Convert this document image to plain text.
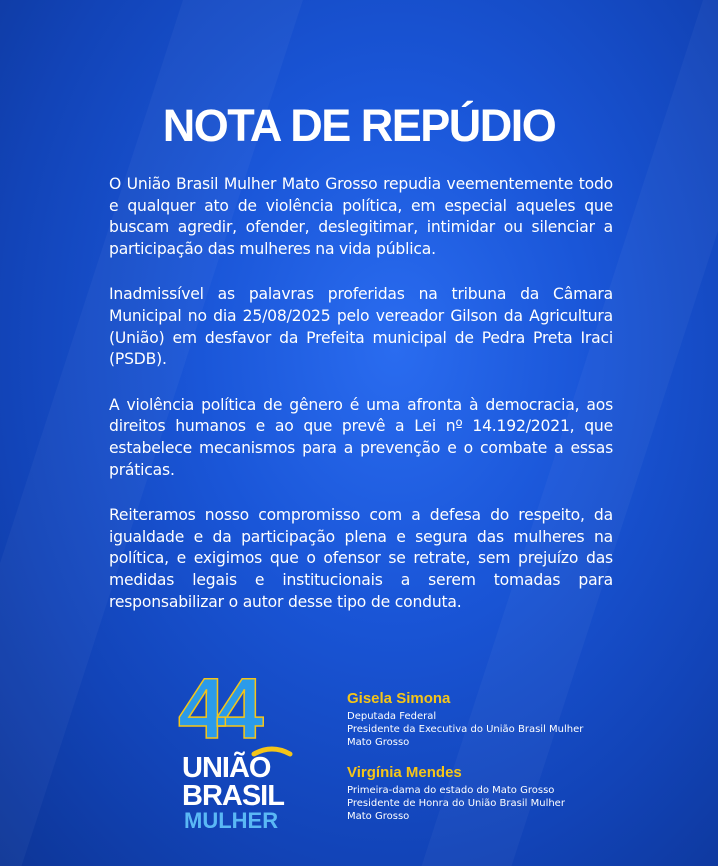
NOTA DE REPÚDIO

O União Brasil Mulher Mato Grosso repudia veementemente todo e qualquer ato de violência política, em especial aqueles que buscam agredir, ofender, deslegitimar, intimidar ou silenciar a participação das mulheres na vida pública.

Inadmissível as palavras proferidas na tribuna da Câmara Municipal no dia 25/08/2025 pelo vereador Gilson da Agricultura (União) em desfavor da Prefeita municipal de Pedra Preta Iraci (PSDB).

A violência política de gênero é uma afronta à democracia, aos direitos humanos e ao que prevê a Lei nº 14.192/2021, que estabelece mecanismos para a prevenção e o combate a essas práticas.

Reiteramos nosso compromisso com a defesa do respeito, da igualdade e da participação plena e segura das mulheres na política, e exigimos que o ofensor se retrate, sem prejuízo das medidas legais e institucionais a serem tomadas para responsabilizar o autor desse tipo de conduta.

44
UNIÃO
BRASIL
MULHER
Gisela Simona
Deputada Federal
Presidente da Executiva do União Brasil Mulher
Mato Grosso
Virgínia Mendes
Primeira-dama do estado do Mato Grosso
Presidente de Honra do União Brasil Mulher
Mato Grosso
